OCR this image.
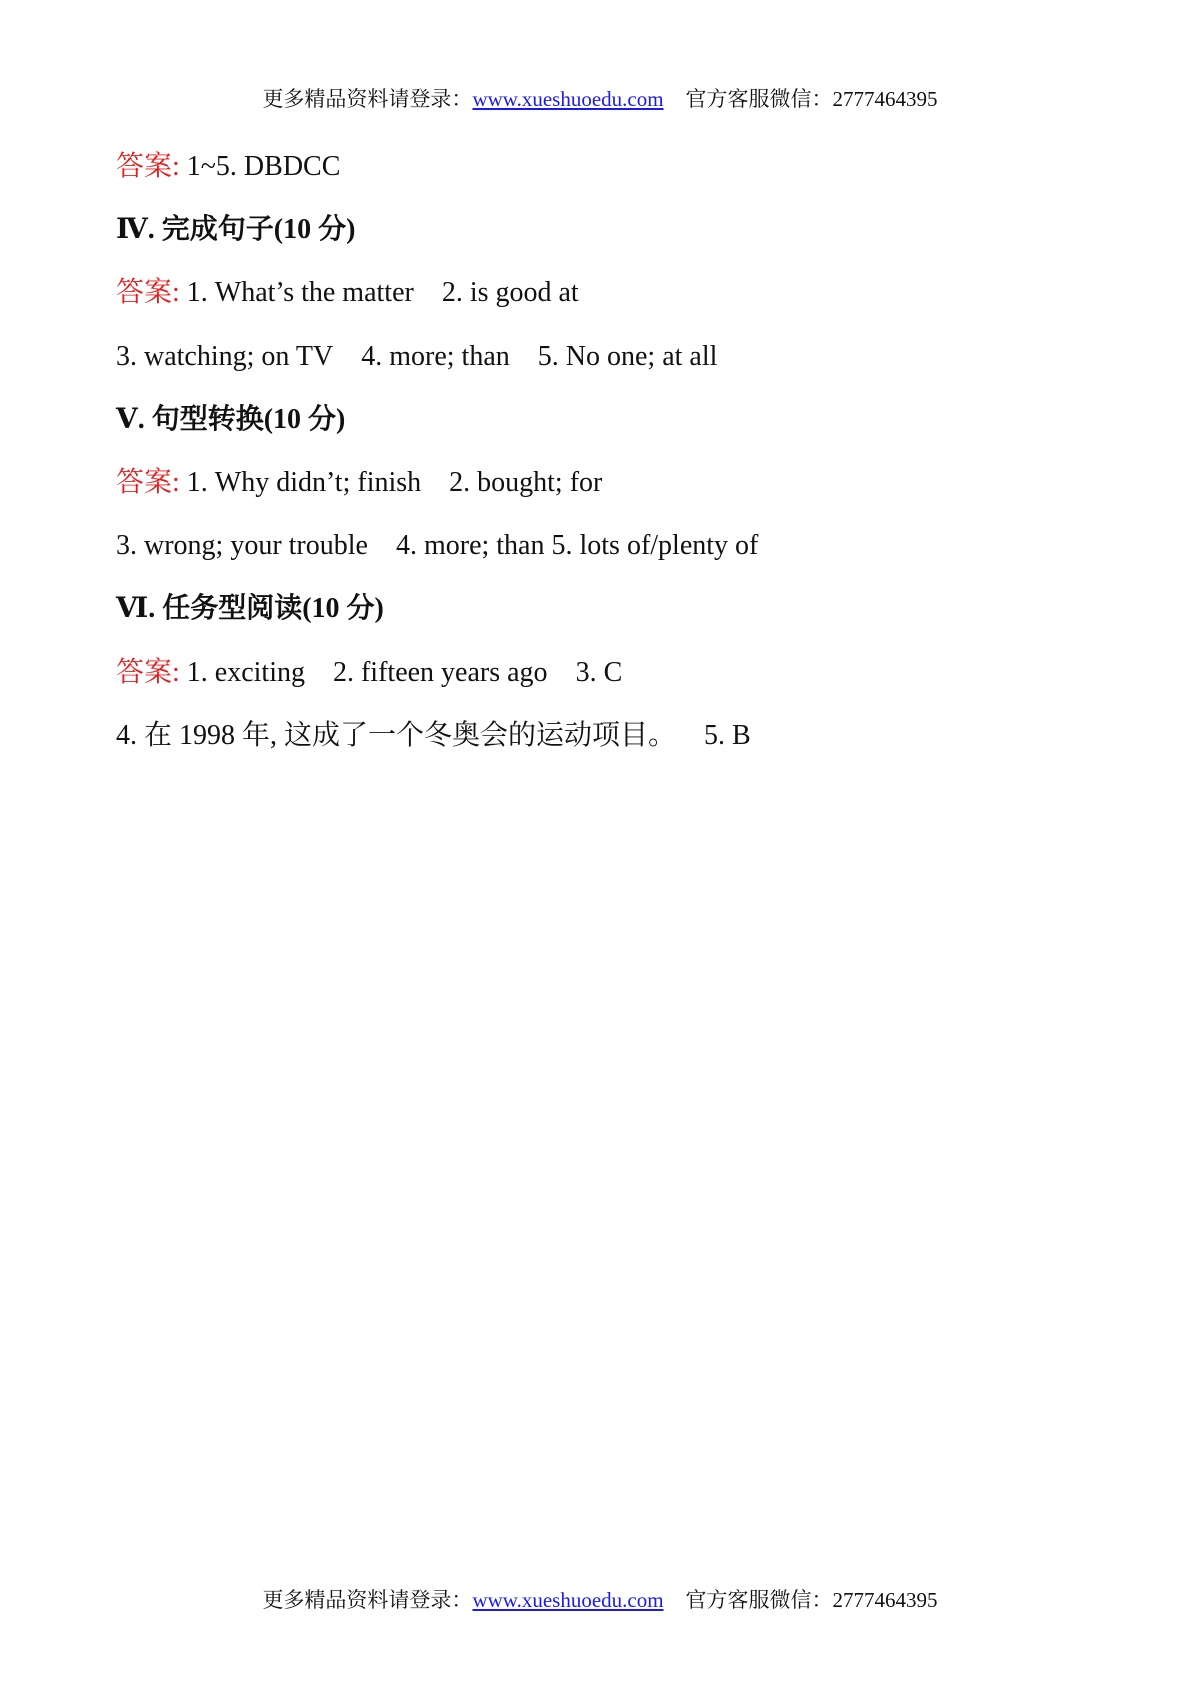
更多精品资料请登录：www.xueshuoedu.com 官方客服微信：2777464395
答案: 1~5. DBDCC
Ⅳ. 完成句子(10 分)
答案: 1. What’s the matter 2. is good at
3. watching; on TV 4. more; than 5. No one; at all
Ⅴ. 句型转换(10 分)
答案: 1. Why didn’t; finish 2. bought; for
3. wrong; your trouble 4. more; than 5. lots of/plenty of
Ⅵ. 任务型阅读(10 分)
答案: 1. exciting 2. fifteen years ago 3. C
4. 在 1998 年, 这成了一个冬奥会的运动项目。 5. B
更多精品资料请登录：www.xueshuoedu.com 官方客服微信：2777464395
